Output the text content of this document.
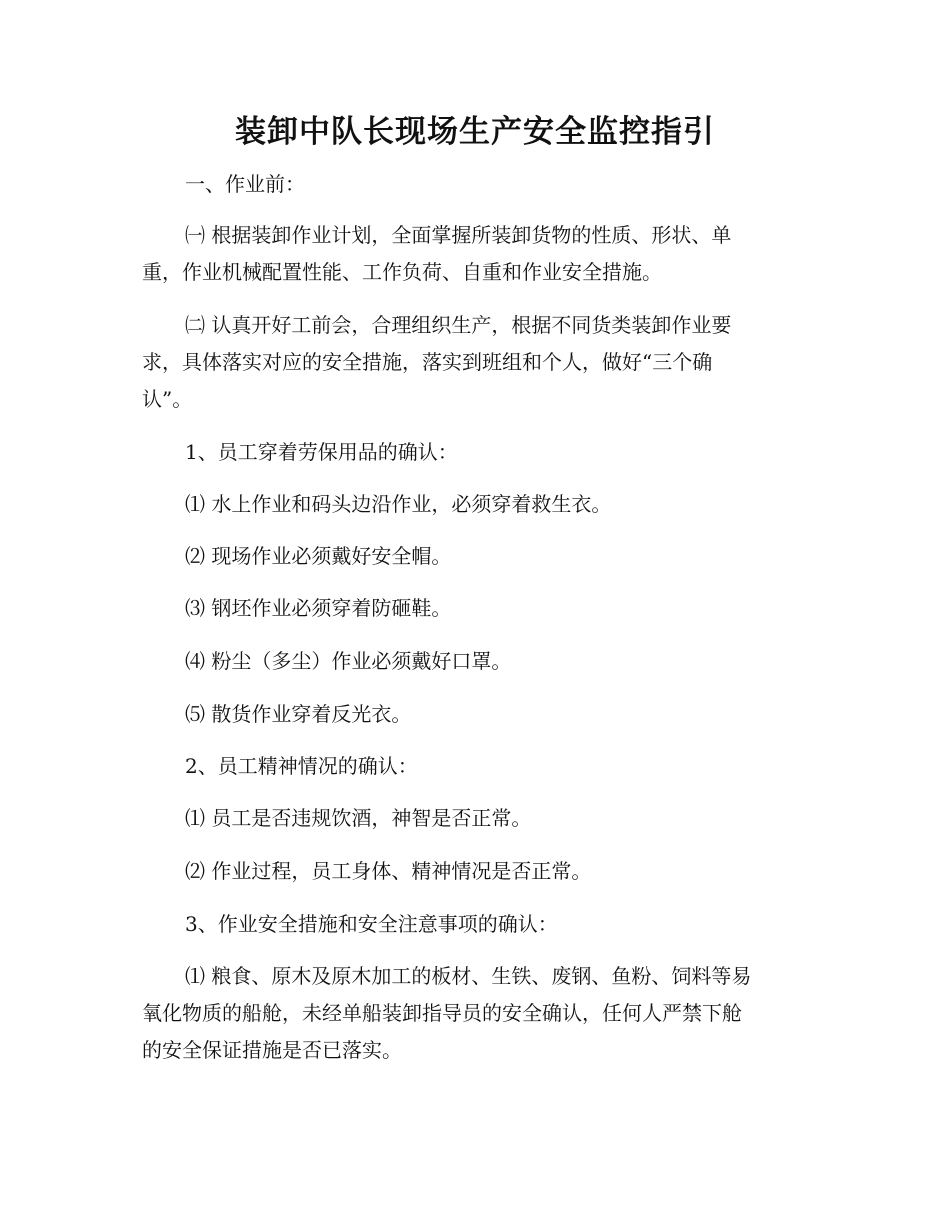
装卸中队长现场生产安全监控指引

一、作业前：

㈠ 根据装卸作业计划，全面掌握所装卸货物的性质、形状、单

重，作业机械配置性能、工作负荷、自重和作业安全措施。

㈡ 认真开好工前会，合理组织生产，根据不同货类装卸作业要

求，具体落实对应的安全措施，落实到班组和个人，做好“三个确

认”。

1、员工穿着劳保用品的确认：

⑴ 水上作业和码头边沿作业，必须穿着救生衣。

⑵ 现场作业必须戴好安全帽。

⑶ 钢坯作业必须穿着防砸鞋。

⑷ 粉尘（多尘）作业必须戴好口罩。

⑸ 散货作业穿着反光衣。

2、员工精神情况的确认：

⑴ 员工是否违规饮酒，神智是否正常。

⑵ 作业过程，员工身体、精神情况是否正常。

3、作业安全措施和安全注意事项的确认：

⑴ 粮食、原木及原木加工的板材、生铁、废钢、鱼粉、饲料等易

氧化物质的船舱，未经单船装卸指导员的安全确认，任何人严禁下舱

的安全保证措施是否已落实。
